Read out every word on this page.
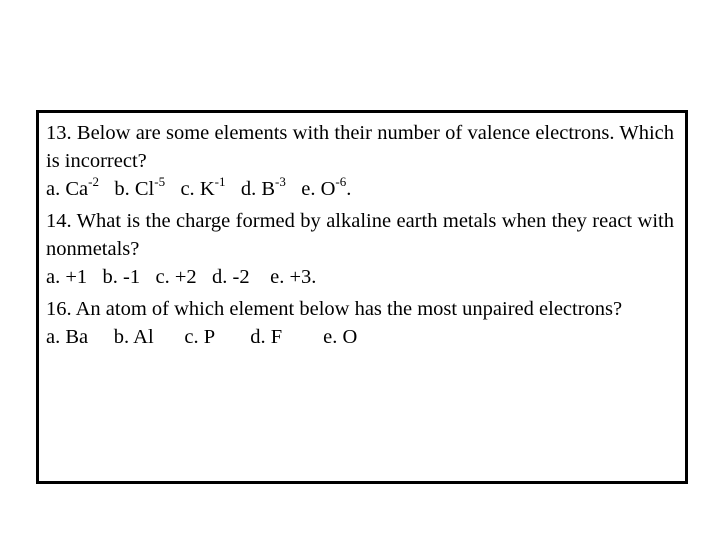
13. Below are some elements with their number of valence electrons. Which is incorrect?

a. $Ca^{-2}$ b. $Cl^{-5}$ c. $K^{-1}$ d. $B^{-3}$ e. $O^{-6}$.

14. What is the charge formed by alkaline earth metals when they react with nonmetals?

a. +1 b. -1 c. +2 d. -2 e. +3.

16. An atom of which element below has the most unpaired electrons?

a. Ba b. Al c. P d. F e. O
